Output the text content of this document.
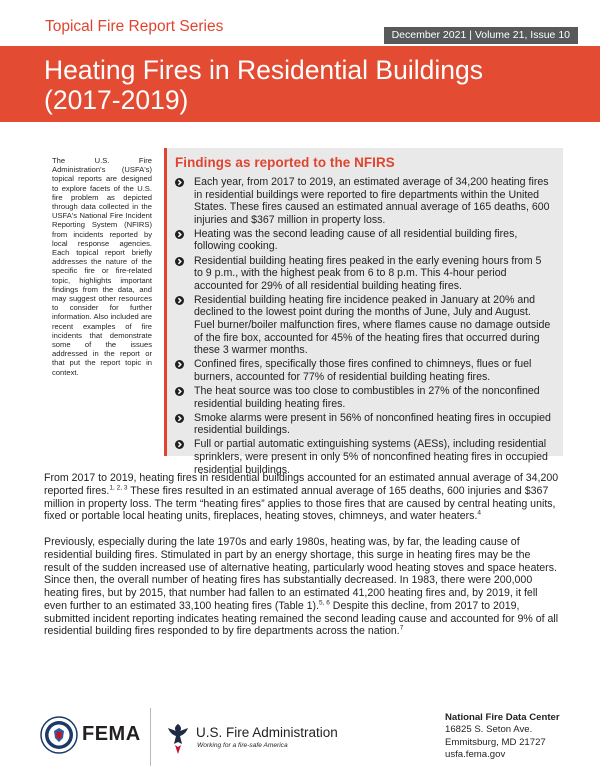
Topical Fire Report Series	December 2021 | Volume 21, Issue 10
Heating Fires in Residential Buildings
(2017-2019)

The U.S. Fire Administration's (USFA's) topical reports are designed to explore facets of the U.S. fire problem as depicted through data collected in the USFA's National Fire Incident Reporting System (NFIRS) from incidents reported by local response agencies. Each topical report briefly addresses the nature of the specific fire or fire-related topic, highlights important findings from the data, and may suggest other resources to consider for further information. Also included are recent examples of fire incidents that demonstrate some of the issues addressed in the report or that put the report topic in context.

Findings as reported to the NFIRS
Each year, from 2017 to 2019, an estimated average of 34,200 heating fires in residential buildings were reported to fire departments within the United States. These fires caused an estimated annual average of 165 deaths, 600 injuries and $367 million in property loss.
Heating was the second leading cause of all residential building fires, following cooking.
Residential building heating fires peaked in the early evening hours from 5 to 9 p.m., with the highest peak from 6 to 8 p.m. This 4-hour period accounted for 29% of all residential building heating fires.
Residential building heating fire incidence peaked in January at 20% and declined to the lowest point during the months of June, July and August. Fuel burner/boiler malfunction fires, where flames cause no damage outside of the fire box, accounted for 45% of the heating fires that occurred during these 3 warmer months.
Confined fires, specifically those fires confined to chimneys, flues or fuel burners, accounted for 77% of residential building heating fires.
The heat source was too close to combustibles in 27% of the nonconfined residential building heating fires.
Smoke alarms were present in 56% of nonconfined heating fires in occupied residential buildings.
Full or partial automatic extinguishing systems (AESs), including residential sprinklers, were present in only 5% of nonconfined heating fires in occupied residential buildings.

From 2017 to 2019, heating fires in residential buildings accounted for an estimated annual average of 34,200 reported fires.$^{1, 2, 3}$ These fires resulted in an estimated annual average of 165 deaths, 600 injuries and $367 million in property loss. The term “heating fires” applies to those fires that are caused by central heating units, fixed or portable local heating units, fireplaces, heating stoves, chimneys, and water heaters.$^4$

Previously, especially during the late 1970s and early 1980s, heating was, by far, the leading cause of residential building fires. Stimulated in part by an energy shortage, this surge in heating fires may be the result of the sudden increased use of alternative heating, particularly wood heating stoves and space heaters. Since then, the overall number of heating fires has substantially decreased. In 1983, there were 200,000 heating fires, but by 2015, that number had fallen to an estimated 41,200 heating fires and, by 2019, it fell even further to an estimated 33,100 heating fires (Table 1).$^{5, 6}$ Despite this decline, from 2017 to 2019, submitted incident reporting indicates heating remained the second leading cause and accounted for 9% of all residential building fires responded to by fire departments across the nation.$^7$

FEMA	U.S. Fire Administration
Working for a fire-safe America
National Fire Data Center
16825 S. Seton Ave.
Emmitsburg, MD 21727
usfa.fema.gov
